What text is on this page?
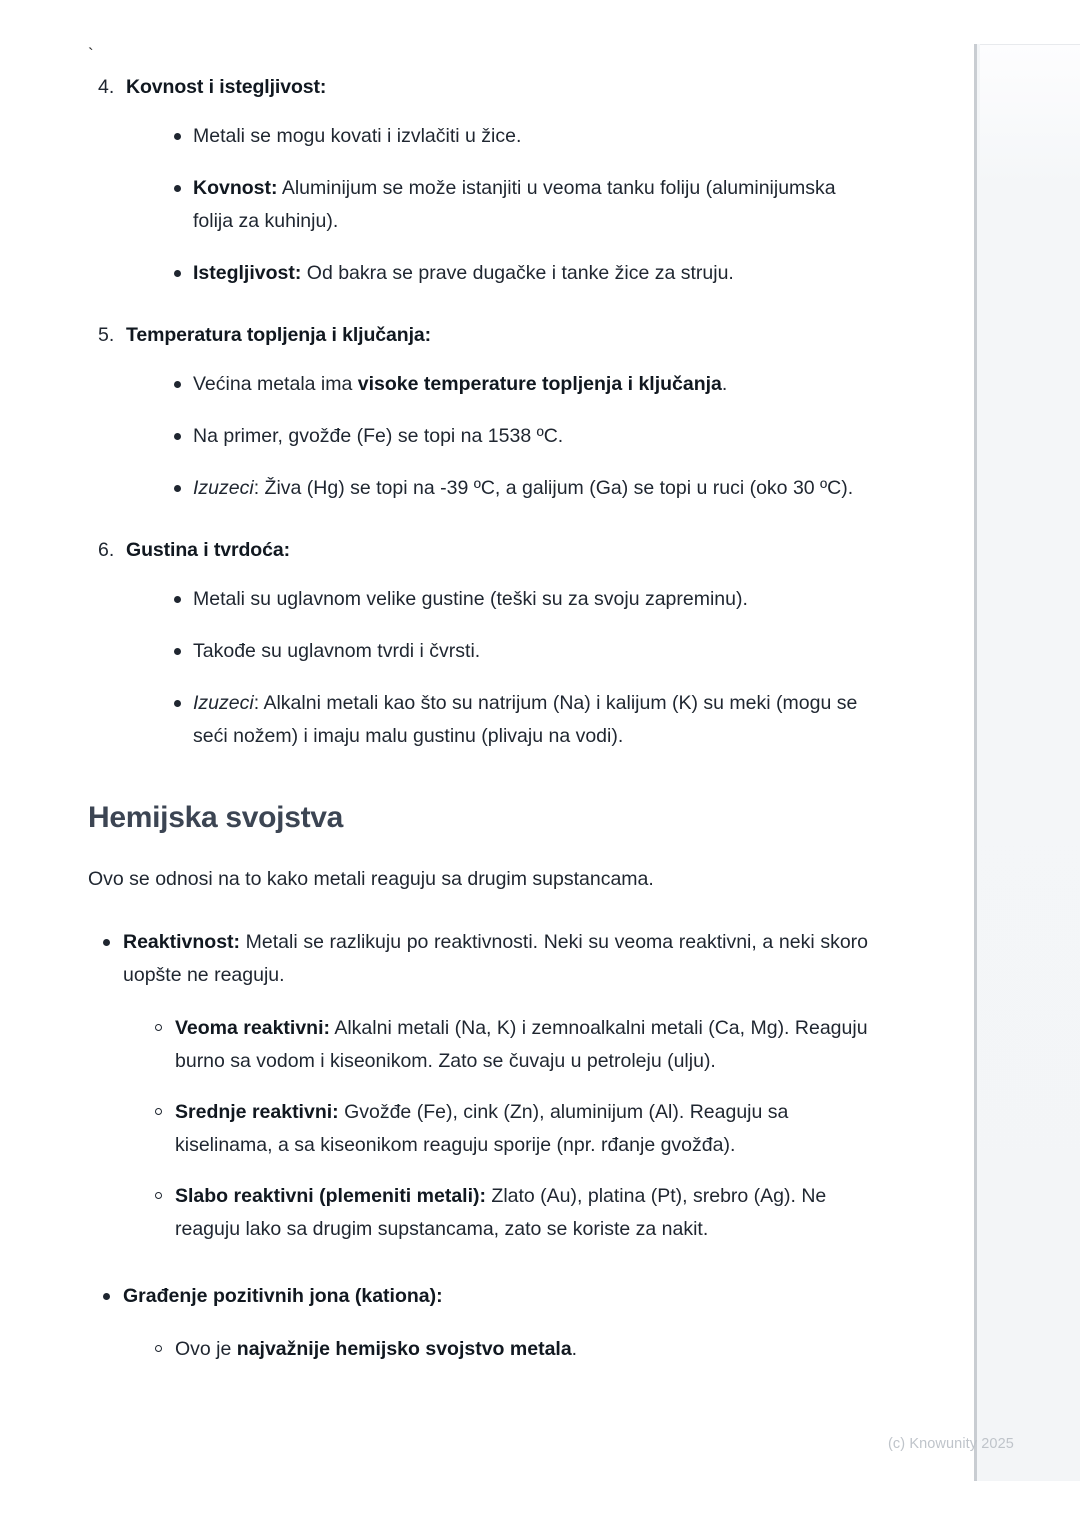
`
4. Kovnost i istegljivost:
Metali se mogu kovati i izvlačiti u žice.
Kovnost: Aluminijum se može istanjiti u veoma tanku foliju (aluminijumska folija za kuhinju).
Istegljivost: Od bakra se prave dugačke i tanke žice za struju.
5. Temperatura topljenja i ključanja:
Većina metala ima visoke temperature topljenja i ključanja.
Na primer, gvožđe (Fe) se topi na 1538 ºC.
Izuzeci: Živa (Hg) se topi na -39 ºC, a galijum (Ga) se topi u ruci (oko 30 ºC).
6. Gustina i tvrdoća:
Metali su uglavnom velike gustine (teški su za svoju zapreminu).
Takođe su uglavnom tvrdi i čvrsti.
Izuzeci: Alkalni metali kao što su natrijum (Na) i kalijum (K) su meki (mogu se seći nožem) i imaju malu gustinu (plivaju na vodi).
Hemijska svojstva

Ovo se odnosi na to kako metali reaguju sa drugim supstancama.

Reaktivnost: Metali se razlikuju po reaktivnosti. Neki su veoma reaktivni, a neki skoro uopšte ne reaguju.
Veoma reaktivni: Alkalni metali (Na, K) i zemnoalkalni metali (Ca, Mg). Reaguju burno sa vodom i kiseonikom. Zato se čuvaju u petroleju (ulju).
Srednje reaktivni: Gvožđe (Fe), cink (Zn), aluminijum (Al). Reaguju sa kiselinama, a sa kiseonikom reaguju sporije (npr. rđanje gvožđa).
Slabo reaktivni (plemeniti metali): Zlato (Au), platina (Pt), srebro (Ag). Ne reaguju lako sa drugim supstancama, zato se koriste za nakit.
Građenje pozitivnih jona (kationa):
Ovo je najvažnije hemijsko svojstvo metala.
(c) Knowunity 2025
